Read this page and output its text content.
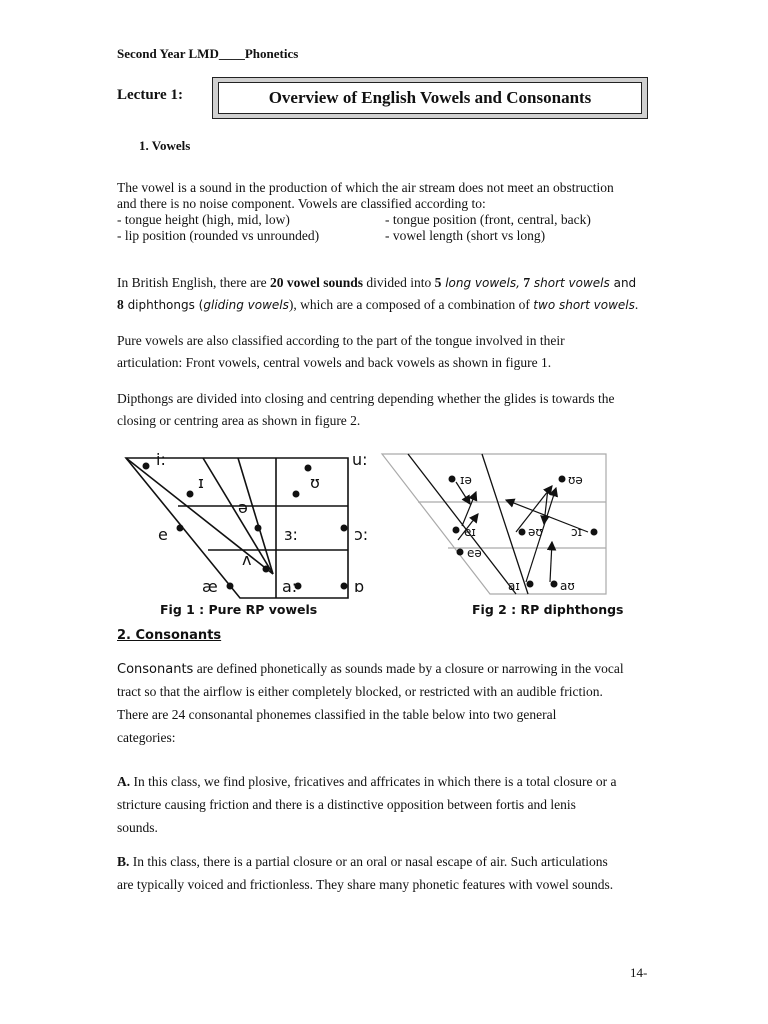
Second Year LMD____Phonetics
Lecture 1:	Overview of English Vowels and Consonants
1. Vowels
The vowel is a sound in the production of which the air stream does not meet an obstruction
and there is no noise component. Vowels are classified according to:
- tongue height (high, mid, low)	- tongue position (front, central, back)
- lip position (rounded vs unrounded)	- vowel length (short vs long)
In British English, there are 20 vowel sounds divided into 5 long vowels, 7 short vowels and
8 diphthongs (gliding vowels), which are a composed of a combination of two short vowels.
Pure vowels are also classified according to the part of the tongue involved in their
articulation: Front vowels, central vowels and back vowels as shown in figure 1.
Dipthongs are divided into closing and centring depending whether the glides is towards the
closing or centring area as shown in figure 2.
i:	u:
ɪ	ʊ
ə
e	ɜ:	ɔ:
ʌ
æ	a:	ɒ
ɪə	ʊə
eɪ	əʊ ɔɪ
eə
aɪ	aʊ
Fig 1 : Pure RP vowels	Fig 2 : RP diphthongs
2. Consonants
Consonants are defined phonetically as sounds made by a closure or narrowing in the vocal
tract so that the airflow is either completely blocked, or restricted with an audible friction.
There are 24 consonantal phonemes classified in the table below into two general
categories:
A. In this class, we find plosive, fricatives and affricates in which there is a total closure or a
stricture causing friction and there is a distinctive opposition between fortis and lenis
sounds.
B. In this class, there is a partial closure or an oral or nasal escape of air. Such articulations
are typically voiced and frictionless. They share many phonetic features with vowel sounds.
14-
